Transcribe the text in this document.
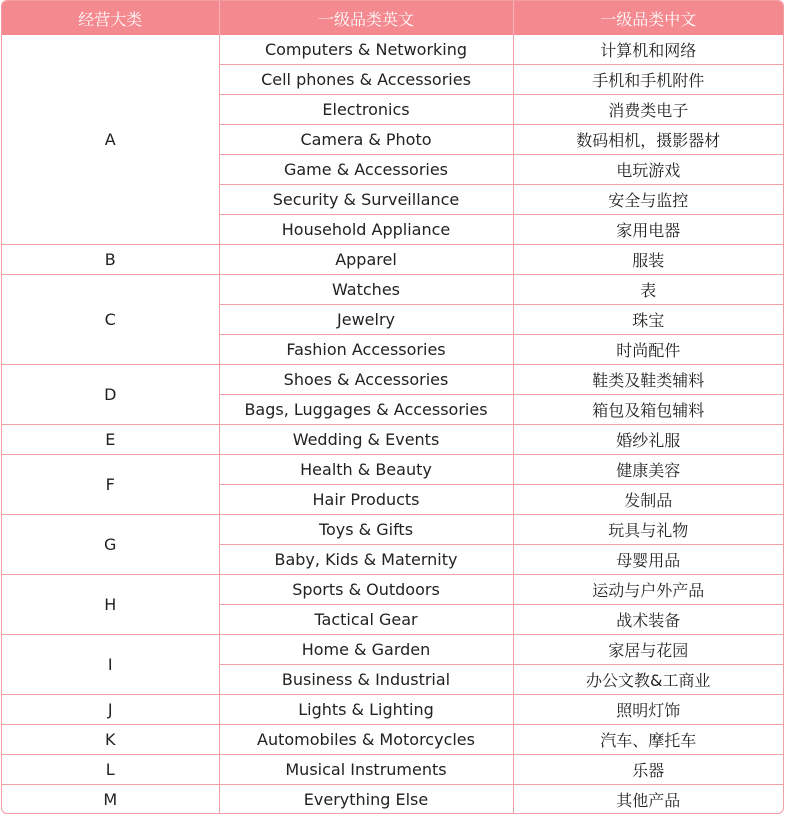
经营大类	一级品类英文	一级品类中文
A	Computers & Networking	计算机和网络
	Cell phones & Accessories	手机和手机附件
	Electronics	消费类电子
	Camera & Photo	数码相机，摄影器材
	Game & Accessories	电玩游戏
	Security & Surveillance	安全与监控
	Household Appliance	家用电器
B	Apparel	服装
C	Watches	表
	Jewelry	珠宝
	Fashion Accessories	时尚配件
D	Shoes & Accessories	鞋类及鞋类辅料
	Bags, Luggages & Accessories	箱包及箱包辅料
E	Wedding & Events	婚纱礼服
F	Health & Beauty	健康美容
	Hair Products	发制品
G	Toys & Gifts	玩具与礼物
	Baby, Kids & Maternity	母婴用品
H	Sports & Outdoors	运动与户外产品
	Tactical Gear	战术装备
I	Home & Garden	家居与花园
	Business & Industrial	办公文教&工商业
J	Lights & Lighting	照明灯饰
K	Automobiles & Motorcycles	汽车、摩托车
L	Musical Instruments	乐器
M	Everything Else	其他产品
